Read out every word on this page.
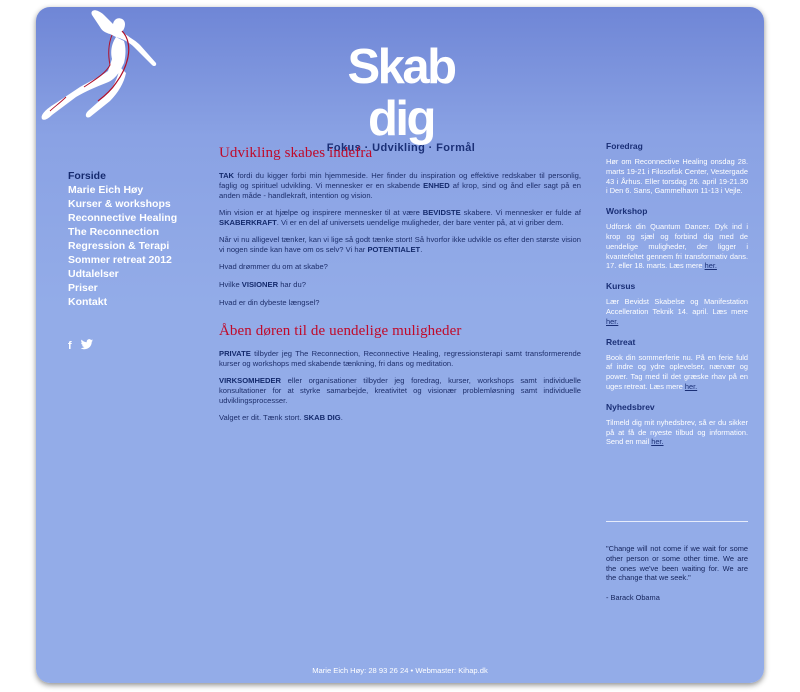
Skab dig
Fokus · Udvikling · Formål
Forside
Marie Eich Høy
Kurser & workshops
Reconnective Healing
The Reconnection
Regression & Terapi
Sommer retreat 2012
Udtalelser
Priser
Kontakt
f
Udvikling skabes indefra

TAK fordi du kigger forbi min hjemmeside. Her finder du inspiration og effektive redskaber til personlig, faglig og spirituel udvikling. Vi mennesker er en skabende ENHED af krop, sind og ånd eller sagt på en anden måde - handlekraft, intention og vision.

Min vision er at hjælpe og inspirere mennesker til at være BEVIDSTE skabere. Vi mennesker er fulde af SKABERKRAFT. Vi er en del af universets uendelige muligheder, der bare venter på, at vi griber dem.

Når vi nu alligevel tænker, kan vi lige så godt tænke stort! Så hvorfor ikke udvikle os efter den største vision vi nogen sinde kan have om os selv? Vi har POTENTIALET.

Hvad drømmer du om at skabe?

Hvilke VISIONER har du?

Hvad er din dybeste længsel?

Åben døren til de uendelige muligheder

PRIVATE tilbyder jeg The Reconnection, Reconnective Healing, regressionsterapi samt transformerende kurser og workshops med skabende tænkning, fri dans og meditation.

VIRKSOMHEDER eller organisationer tilbyder jeg foredrag, kurser, workshops samt individuelle konsultationer for at styrke samarbejde, kreativitet og visionær problemløsning samt individuelle udviklingsprocesser.

Valget er dit. Tænk stort. SKAB DIG.

Foredrag
Hør om Reconnective Healing onsdag 28. marts 19-21 i Filosofisk Center, Vestergade 43 i Århus. Eller torsdag 26. april 19-21.30 i Den 6. Sans, Gammelhavn 11-13 i Vejle.
Workshop
Udforsk din Quantum Dancer. Dyk ind i krop og sjæl og forbind dig med de uendelige muligheder, der ligger i kvantefeltet gennem fri transformativ dans. 17. eller 18. marts. Læs mere her.
Kursus
Lær Bevidst Skabelse og Manifestation Accelleration Teknik 14. april. Læs mere her.
Retreat
Book din sommerferie nu. På en ferie fuld af indre og ydre oplevelser, nærvær og power. Tag med til det græske rhav på en uges retreat. Læs mere her.
Nyhedsbrev
Tilmeld dig mit nyhedsbrev, så er du sikker på at få de nyeste tilbud og information. Send en mail her.
"Change will not come if we wait for some other person or some other time. We are the ones we've been waiting for. We are the change that we seek."
- Barack Obama
Marie Eich Høy: 28 93 26 24 • Webmaster: Kihap.dk
